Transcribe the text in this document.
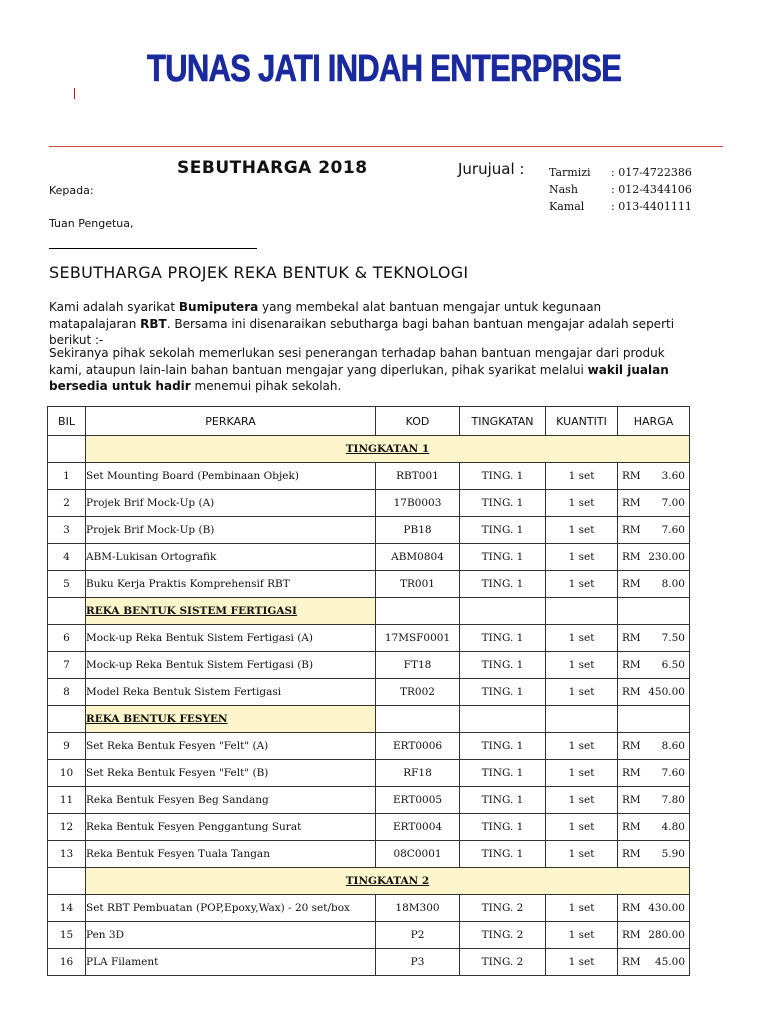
TUNAS JATI INDAH ENTERPRISE
SEBUTHARGA 2018	Jurujual : Tarmizi : 017-4722386
Nash	: 012-4344106
Kamal : 013-4401111
Kepada:
Tuan Pengetua,
SEBUTHARGA PROJEK REKA BENTUK & TEKNOLOGI
Kami adalah syarikat Bumiputera yang membekal alat bantuan mengajar untuk kegunaan matapalajaran RBT. Bersama ini disenaraikan sebutharga bagi bahan bantuan mengajar adalah seperti berikut :-
Sekiranya pihak sekolah memerlukan sesi penerangan terhadap bahan bantuan mengajar dari produk kami, ataupun lain-lain bahan bantuan mengajar yang diperlukan, pihak syarikat melalui wakil jualan bersedia untuk hadir menemui pihak sekolah.
BIL	PERKARA	KOD	TINGKATAN	KUANTITI	HARGA
	TINGKATAN 1				
1	Set Mounting Board (Pembinaan Objek)	RBT001	TING. 1	1 set	RM 3.60

2	Projek Brif Mock-Up (A)	17B0003	TING. 1	1 set	RM 7.00

3	Projek Brif Mock-Up (B)	PB18	TING. 1	1 set	RM 7.60

4	ABM-Lukisan Ortografik	ABM0804	TING. 1	1 set	RM 230.00

5	Buku Kerja Praktis Komprehensif RBT	TR001	TING. 1	1 set	RM 8.00

	REKA BENTUK SISTEM FERTIGASI				
6	Mock-up Reka Bentuk Sistem Fertigasi (A)	17MSF0001	TING. 1	1 set	RM 7.50

7	Mock-up Reka Bentuk Sistem Fertigasi (B)	FT18	TING. 1	1 set	RM 6.50

8	Model Reka Bentuk Sistem Fertigasi	TR002	TING. 1	1 set	RM 450.00

	REKA BENTUK FESYEN				
9	Set Reka Bentuk Fesyen "Felt" (A)	ERT0006	TING. 1	1 set	RM 8.60

10	Set Reka Bentuk Fesyen "Felt" (B)	RF18	TING. 1	1 set	RM 7.60

11	Reka Bentuk Fesyen Beg Sandang	ERT0005	TING. 1	1 set	RM 7.80

12	Reka Bentuk Fesyen Penggantung Surat	ERT0004	TING. 1	1 set	RM 4.80

13	Reka Bentuk Fesyen Tuala Tangan	08C0001	TING. 1	1 set	RM 5.90

	TINGKATAN 2				
14	Set RBT Pembuatan (POP,Epoxy,Wax) - 20 set/box	18M300	TING. 2	1 set	RM 430.00

15	Pen 3D	P2	TING. 2	1 set	RM 280.00

16	PLA Filament	P3	TING. 2	1 set	RM 45.00
